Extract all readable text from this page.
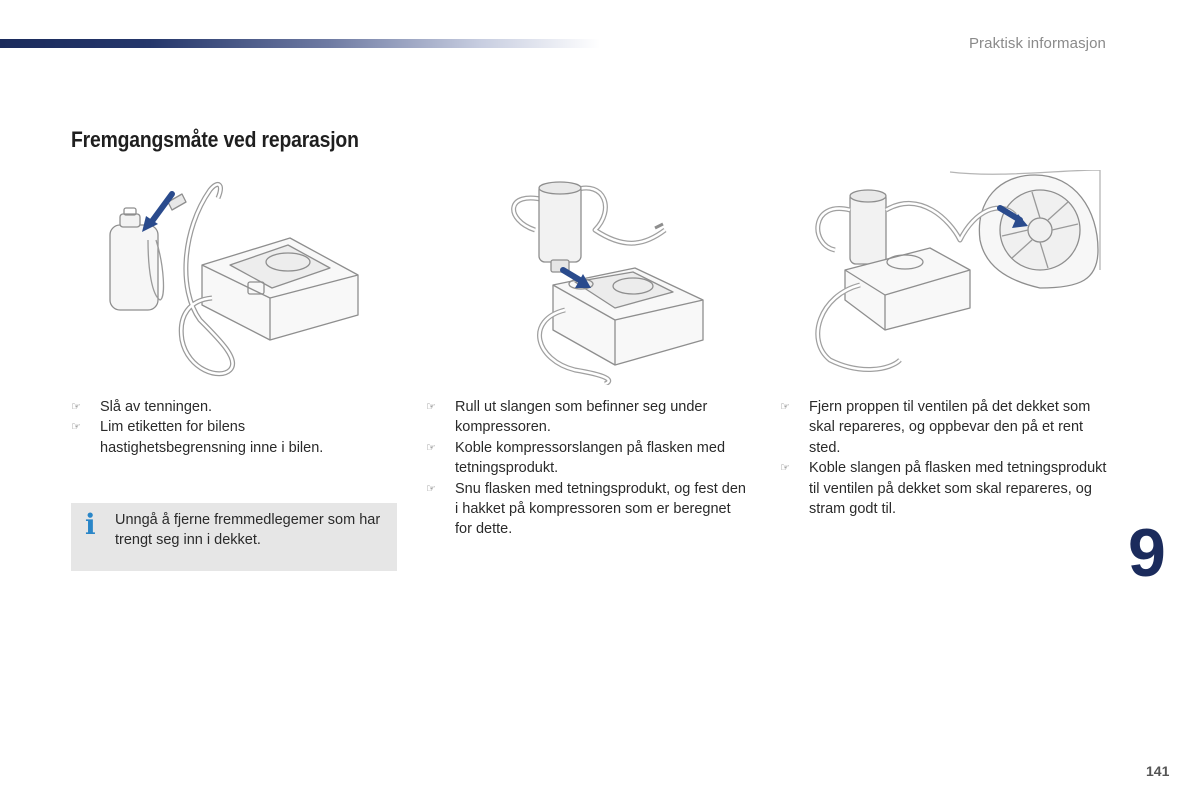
Praktisk informasjon
Fremgangsmåte ved reparasjon
☞ Slå av tenningen.
☞ Lim etiketten for bilens hastighetsbegrensning inne i bilen.
☞ Rull ut slangen som befinner seg under kompressoren.
☞ Koble kompressorslangen på flasken med tetningsprodukt.
☞ Snu flasken med tetningsprodukt, og fest den i hakket på kompressoren som er beregnet for dette.
☞ Fjern proppen til ventilen på det dekket som skal repareres, og oppbevar den på et rent sted.
☞ Koble slangen på flasken med tetningsprodukt til ventilen på dekket som skal repareres, og stram godt til.
i Unngå å fjerne fremmedlegemer som har trengt seg inn i dekket.	9
141
